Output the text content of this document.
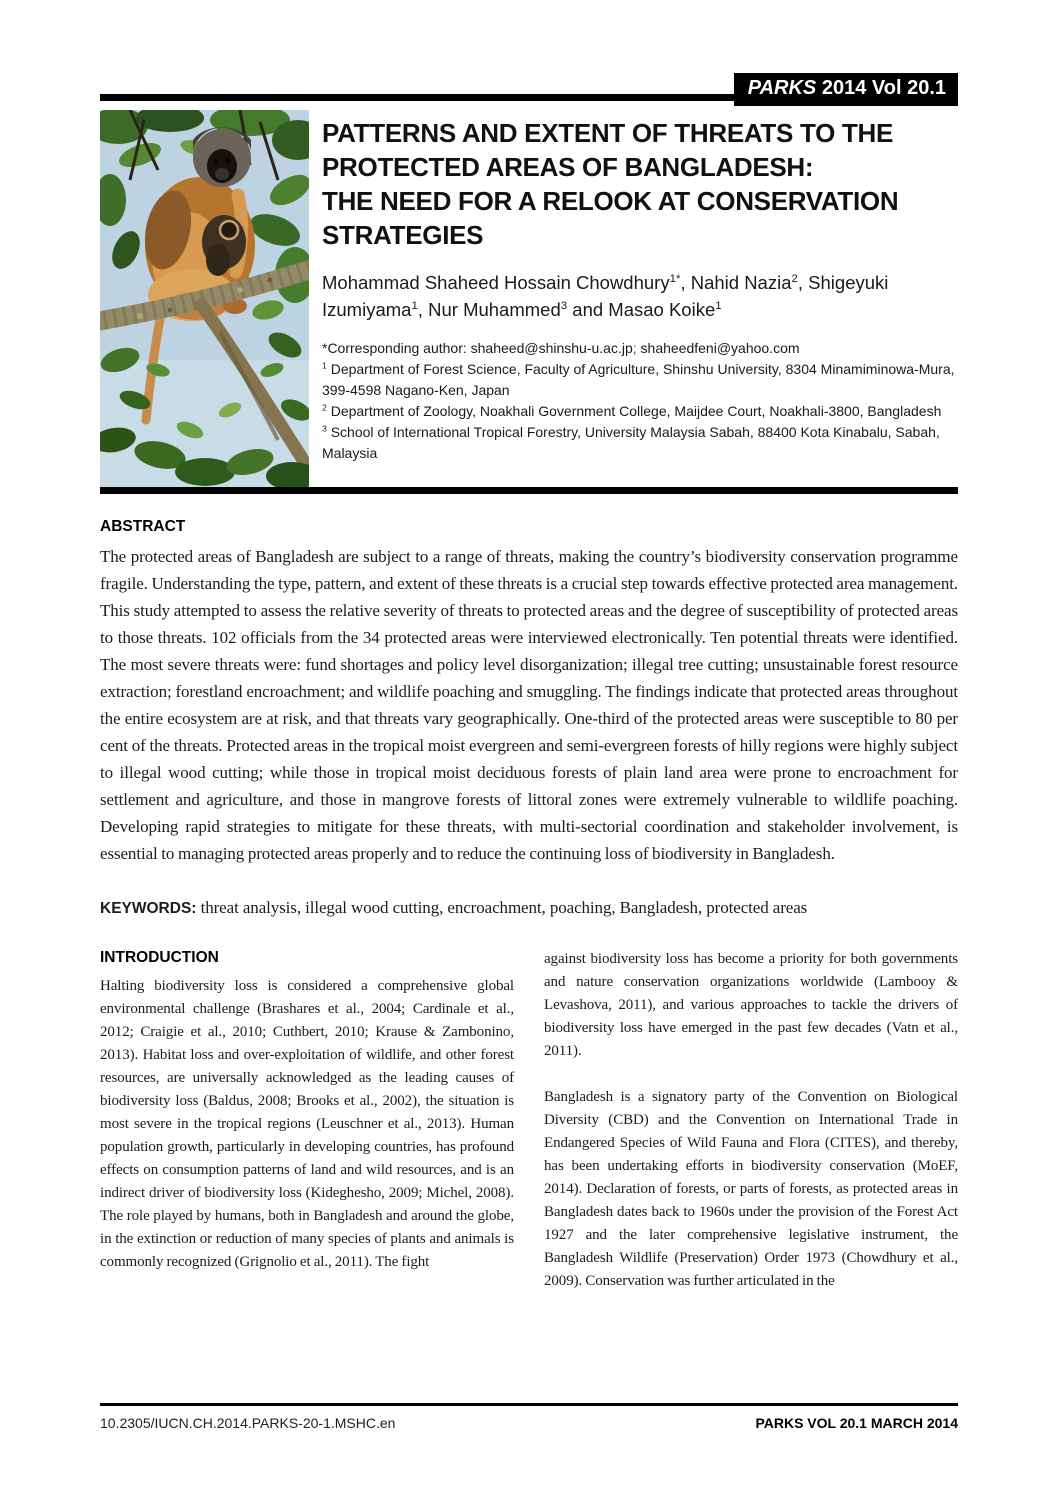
PARKS 2014 Vol 20.1
PATTERNS AND EXTENT OF THREATS TO THE
PROTECTED AREAS OF BANGLADESH:
THE NEED FOR A RELOOK AT CONSERVATION
STRATEGIES
Mohammad Shaheed Hossain Chowdhury$^{1*}$, Nahid Nazia$^2$, Shigeyuki Izumiyama$^1$, Nur Muhammed$^3$ and Masao Koike$^1$

*Corresponding author: shaheed@shinshu-u.ac.jp; shaheedfeni@yahoo.com

$^1$ Department of Forest Science, Faculty of Agriculture, Shinshu University, 8304 Minamiminowa-Mura, 399-4598 Nagano-Ken, Japan

$^2$ Department of Zoology, Noakhali Government College, Maijdee Court, Noakhali-3800, Bangladesh

$^3$ School of International Tropical Forestry, University Malaysia Sabah, 88400 Kota Kinabalu, Sabah, Malaysia

ABSTRACT

The protected areas of Bangladesh are subject to a range of threats, making the country’s biodiversity conservation programme fragile. Understanding the type, pattern, and extent of these threats is a crucial step towards effective protected area management. This study attempted to assess the relative severity of threats to protected areas and the degree of susceptibility of protected areas to those threats. 102 officials from the 34 protected areas were interviewed electronically. Ten potential threats were identified. The most severe threats were: fund shortages and policy level disorganization; illegal tree cutting; unsustainable forest resource extraction; forestland encroachment; and wildlife poaching and smuggling. The findings indicate that protected areas throughout the entire ecosystem are at risk, and that threats vary geographically. One-third of the protected areas were susceptible to 80 per cent of the threats. Protected areas in the tropical moist evergreen and semi-evergreen forests of hilly regions were highly subject to illegal wood cutting; while those in tropical moist deciduous forests of plain land area were prone to encroachment for settlement and agriculture, and those in mangrove forests of littoral zones were extremely vulnerable to wildlife poaching. Developing rapid strategies to mitigate for these threats, with multi-sectorial coordination and stakeholder involvement, is essential to managing protected areas properly and to reduce the continuing loss of biodiversity in Bangladesh.

KEYWORDS: threat analysis, illegal wood cutting, encroachment, poaching, Bangladesh, protected areas

INTRODUCTION

Halting biodiversity loss is considered a comprehensive global environmental challenge (Brashares et al., 2004; Cardinale et al., 2012; Craigie et al., 2010; Cuthbert, 2010; Krause & Zambonino, 2013). Habitat loss and over-exploitation of wildlife, and other forest resources, are universally acknowledged as the leading causes of biodiversity loss (Baldus, 2008; Brooks et al., 2002), the situation is most severe in the tropical regions (Leuschner et al., 2013). Human population growth, particularly in developing countries, has profound effects on consumption patterns of land and wild resources, and is an indirect driver of biodiversity loss (Kideghesho, 2009; Michel, 2008). The role played by humans, both in Bangladesh and around the globe, in the extinction or reduction of many species of plants and animals is commonly recognized (Grignolio et al., 2011). The fight

against biodiversity loss has become a priority for both governments and nature conservation organizations worldwide (Lambooy & Levashova, 2011), and various approaches to tackle the drivers of biodiversity loss have emerged in the past few decades (Vatn et al., 2011).

Bangladesh is a signatory party of the Convention on Biological Diversity (CBD) and the Convention on International Trade in Endangered Species of Wild Fauna and Flora (CITES), and thereby, has been undertaking efforts in biodiversity conservation (MoEF, 2014). Declaration of forests, or parts of forests, as protected areas in Bangladesh dates back to 1960s under the provision of the Forest Act 1927 and the later comprehensive legislative instrument, the Bangladesh Wildlife (Preservation) Order 1973 (Chowdhury et al., 2009). Conservation was further articulated in the

10.2305/IUCN.CH.2014.PARKS-20-1.MSHC.en	PARKS VOL 20.1 MARCH 2014
